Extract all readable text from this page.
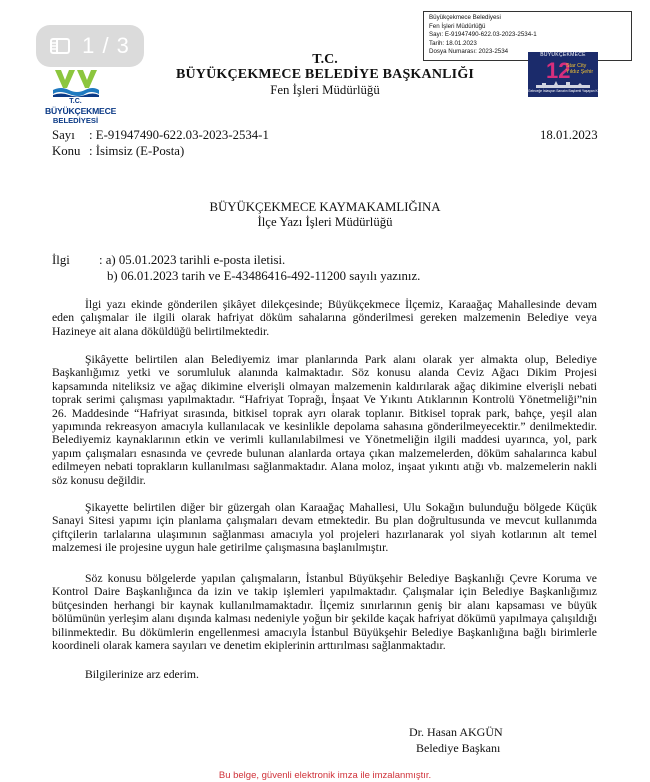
1 / 3
Büyükçekmece Belediyesi
Fen İşleri Müdürlüğü
Sayı: E-91947490-622.03-2023-2534-1
Tarih: 18.01.2023
Dosya Numarası: 2023-2534
T.C.
BÜYÜKÇEKMECE
BELEDİYESİ
BÜYÜKÇEKMECE
12
Star City
Yıldız Şehir
Geleceğe İstasyon Sanatın Başkenti Yaşayan Kültürler
T.C.
BÜYÜKÇEKMECE BELEDİYE BAŞKANLIĞI
Fen İşleri Müdürlüğü
Sayı : E-91947490-622.03-2023-2534-1	18.01.2023
Konu : İsimsiz (E-Posta)
BÜYÜKÇEKMECE KAYMAKAMLIĞINA
İlçe Yazı İşleri Müdürlüğü
İlgi : a) 05.01.2023 tarihli e-posta iletisi.
b) 06.01.2023 tarih ve E-43486416-492-11200 sayılı yazınız.

İlgi yazı ekinde gönderilen şikâyet dilekçesinde; Büyükçekmece İlçemiz, Karaağaç Mahallesinde devam eden çalışmalar ile ilgili olarak hafriyat döküm sahalarına gönderilmesi gereken malzemenin Belediye veya Hazineye ait alana döküldüğü belirtilmektedir.

Şikâyette belirtilen alan Belediyemiz imar planlarında Park alanı olarak yer almakta olup, Belediye Başkanlığımız yetki ve sorumluluk alanında kalmaktadır. Söz konusu alanda Ceviz Ağacı Dikim Projesi kapsamında niteliksiz ve ağaç dikimine elverişli olmayan malzemenin kaldırılarak ağaç dikimine elverişli nebati toprak serimi çalışması yapılmaktadır. “Hafriyat Toprağı, İnşaat Ve Yıkıntı Atıklarının Kontrolü Yönetmeliği”nin 26. Maddesinde “Hafriyat sırasında, bitkisel toprak ayrı olarak toplanır. Bitkisel toprak park, bahçe, yeşil alan yapımında rekreasyon amacıyla kullanılacak ve kesinlikle depolama sahasına gönderilmeyecektir.” denilmektedir. Belediyemiz kaynaklarının etkin ve verimli kullanılabilmesi ve Yönetmeliğin ilgili maddesi uyarınca, yol, park yapım çalışmaları esnasında ve çevrede bulunan alanlarda ortaya çıkan malzemelerden, döküm sahalarınca kabul edilmeyen nebati toprakların kullanılması sağlanmaktadır. Alana moloz, inşaat yıkıntı atığı vb. malzemelerin nakli söz konusu değildir.

Şikayette belirtilen diğer bir güzergah olan Karaağaç Mahallesi, Ulu Sokağın bulunduğu bölgede Küçük Sanayi Sitesi yapımı için planlama çalışmaları devam etmektedir. Bu plan doğrultusunda ve mevcut kullanımda çiftçilerin tarlalarına ulaşımının sağlanması amacıyla yol projeleri hazırlanarak yol siyah kotlarının alt temel malzemesi ile projesine uygun hale getirilme çalışmasına başlanılmıştır.

Söz konusu bölgelerde yapılan çalışmaların, İstanbul Büyükşehir Belediye Başkanlığı Çevre Koruma ve Kontrol Daire Başkanlığınca da izin ve takip işlemleri yapılmaktadır. Çalışmalar için Belediye Başkanlığımız bütçesinden herhangi bir kaynak kullanılmamaktadır. İlçemiz sınırlarının geniş bir alanı kapsaması ve büyük bölümünün yerleşim alanı dışında kalması nedeniyle yoğun bir şekilde kaçak hafriyat dökümü yapılmaya çalışıldığı bilinmektedir. Bu dökümlerin engellenmesi amacıyla İstanbul Büyükşehir Belediye Başkanlığına bağlı birimlerle koordineli olarak kamera sayıları ve denetim ekiplerinin arttırılması sağlanmaktadır.

Bilgilerinize arz ederim.

Dr. Hasan AKGÜN
Belediye Başkanı
Bu belge, güvenli elektronik imza ile imzalanmıştır.
